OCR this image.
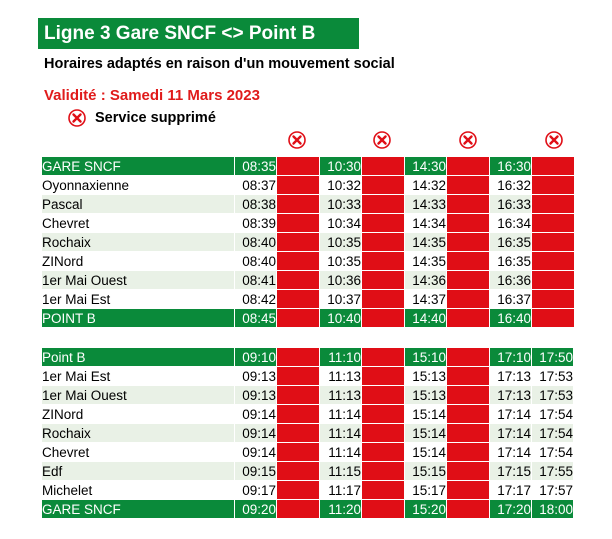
Ligne 3 Gare SNCF <> Point B
Horaires adaptés en raison d'un mouvement social
Validité : Samedi 11 Mars 2023
Service supprimé
GARE SNCF	08:35		10:30		14:30		16:30	
Oyonnaxienne	08:37		10:32		14:32		16:32	
Pascal	08:38		10:33		14:33		16:33	
Chevret	08:39		10:34		14:34		16:34	
Rochaix	08:40		10:35		14:35		16:35	
ZINord	08:40		10:35		14:35		16:35	
1er Mai Ouest	08:41		10:36		14:36		16:36	
1er Mai Est	08:42		10:37		14:37		16:37	
POINT B	08:45		10:40		14:40		16:40	
Point B	09:10		11:10		15:10		17:10	17:50
1er Mai Est	09:13		11:13		15:13		17:13	17:53
1er Mai Ouest	09:13		11:13		15:13		17:13	17:53
ZINord	09:14		11:14		15:14		17:14	17:54
Rochaix	09:14		11:14		15:14		17:14	17:54
Chevret	09:14		11:14		15:14		17:14	17:54
Edf	09:15		11:15		15:15		17:15	17:55
Michelet	09:17		11:17		15:17		17:17	17:57
GARE SNCF	09:20		11:20		15:20		17:20	18:00
